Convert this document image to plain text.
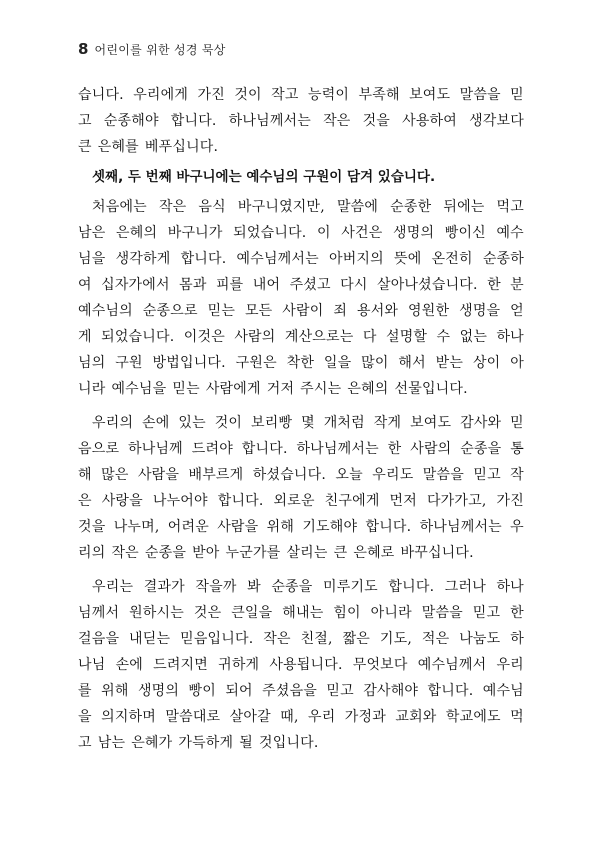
8 어린이를 위한 성경 묵상
습니다. 우리에게 가진 것이 작고 능력이 부족해 보여도 말씀을 믿
고 순종해야 합니다. 하나님께서는 작은 것을 사용하여 생각보다
큰 은혜를 베푸십니다.
셋째, 두 번째 바구니에는 예수님의 구원이 담겨 있습니다.
처음에는 작은 음식 바구니였지만, 말씀에 순종한 뒤에는 먹고
남은 은혜의 바구니가 되었습니다. 이 사건은 생명의 빵이신 예수
님을 생각하게 합니다. 예수님께서는 아버지의 뜻에 온전히 순종하
여 십자가에서 몸과 피를 내어 주셨고 다시 살아나셨습니다. 한 분
예수님의 순종으로 믿는 모든 사람이 죄 용서와 영원한 생명을 얻
게 되었습니다. 이것은 사람의 계산으로는 다 설명할 수 없는 하나
님의 구원 방법입니다. 구원은 착한 일을 많이 해서 받는 상이 아
니라 예수님을 믿는 사람에게 거저 주시는 은혜의 선물입니다.
우리의 손에 있는 것이 보리빵 몇 개처럼 작게 보여도 감사와 믿
음으로 하나님께 드려야 합니다. 하나님께서는 한 사람의 순종을 통
해 많은 사람을 배부르게 하셨습니다. 오늘 우리도 말씀을 믿고 작
은 사랑을 나누어야 합니다. 외로운 친구에게 먼저 다가가고, 가진
것을 나누며, 어려운 사람을 위해 기도해야 합니다. 하나님께서는 우
리의 작은 순종을 받아 누군가를 살리는 큰 은혜로 바꾸십니다.
우리는 결과가 작을까 봐 순종을 미루기도 합니다. 그러나 하나
님께서 원하시는 것은 큰일을 해내는 힘이 아니라 말씀을 믿고 한
걸음을 내딛는 믿음입니다. 작은 친절, 짧은 기도, 적은 나눔도 하
나님 손에 드려지면 귀하게 사용됩니다. 무엇보다 예수님께서 우리
를 위해 생명의 빵이 되어 주셨음을 믿고 감사해야 합니다. 예수님
을 의지하며 말씀대로 살아갈 때, 우리 가정과 교회와 학교에도 먹
고 남는 은혜가 가득하게 될 것입니다.
